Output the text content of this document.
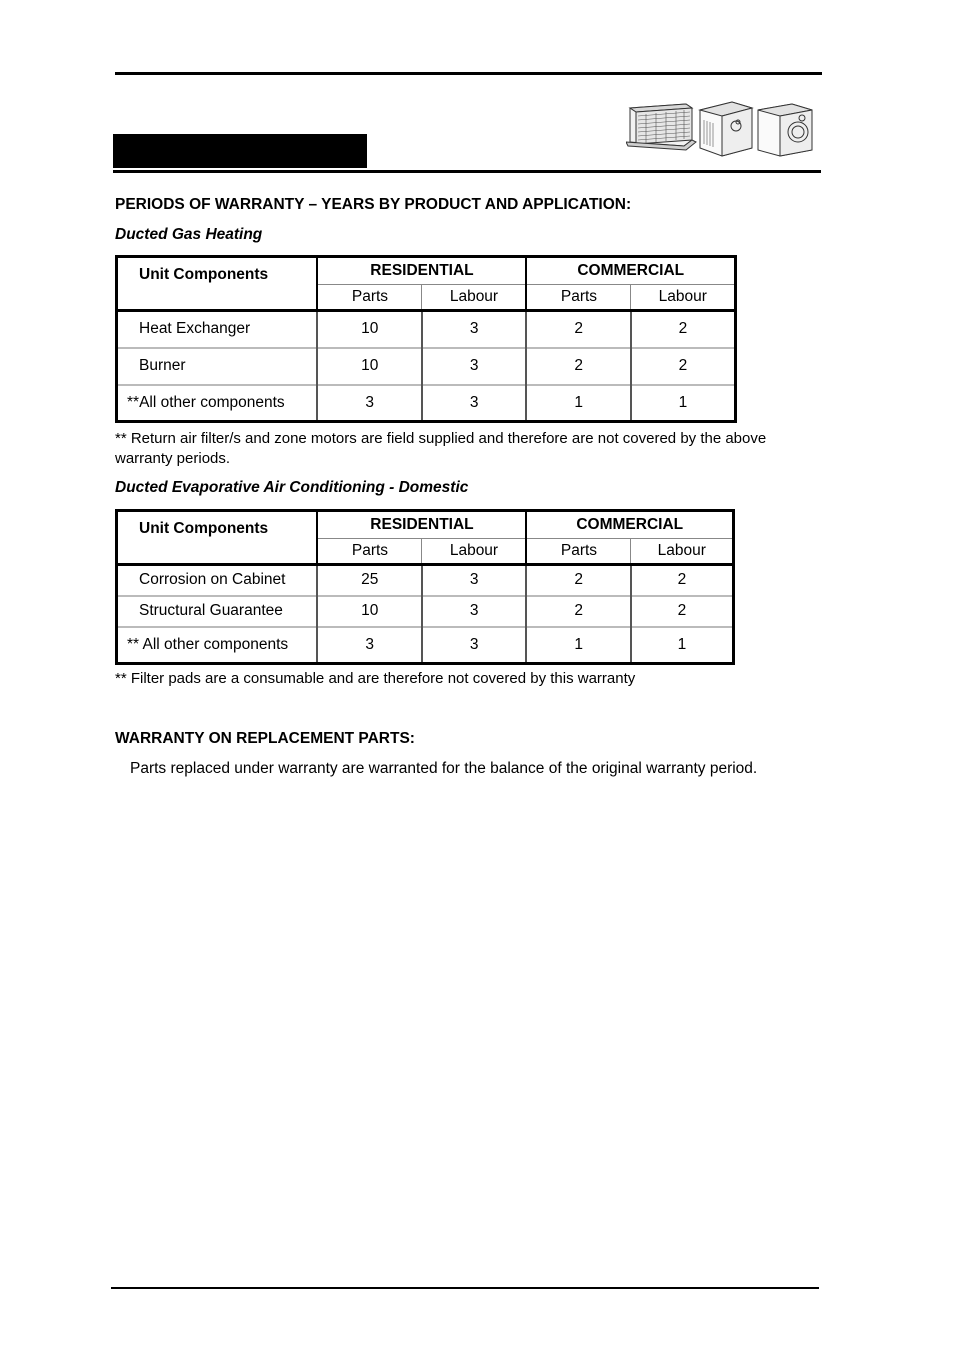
PERIODS OF WARRANTY – YEARS BY PRODUCT AND APPLICATION:
Ducted Gas Heating
Unit Components	RESIDENTIAL		COMMERCIAL	
	Parts	Labour	Parts	Labour
Heat Exchanger	10	3	2	2
Burner	10	3	2	2
**All other components	3	3	1	1
** Return air filter/s and zone motors are field supplied and therefore are not covered by the above warranty periods.
Ducted Evaporative Air Conditioning - Domestic
Unit Components	RESIDENTIAL		COMMERCIAL	
	Parts	Labour	Parts	Labour
Corrosion on Cabinet	25	3	2	2
Structural Guarantee	10	3	2	2
** All other components	3	3	1	1
** Filter pads are a consumable and are therefore not covered by this warranty
WARRANTY ON REPLACEMENT PARTS:
Parts replaced under warranty are warranted for the balance of the original warranty period.
